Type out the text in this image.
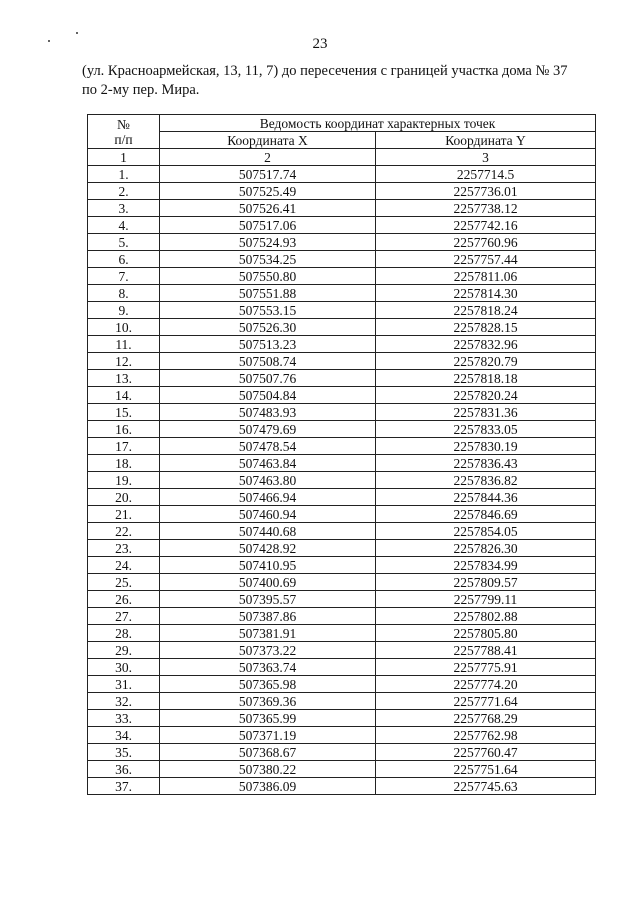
23

(ул. Красноармейская, 13, 11, 7) до пересечения с границей участка дома № 37

по 2-му пер. Мира.

№
п/п	Ведомость координат характерных точек	
	Координата X	Координата Y
1	2	3
1.	507517.74	2257714.5
2.	507525.49	2257736.01
3.	507526.41	2257738.12
4.	507517.06	2257742.16
5.	507524.93	2257760.96
6.	507534.25	2257757.44
7.	507550.80	2257811.06
8.	507551.88	2257814.30
9.	507553.15	2257818.24
10.	507526.30	2257828.15
11.	507513.23	2257832.96
12.	507508.74	2257820.79
13.	507507.76	2257818.18
14.	507504.84	2257820.24
15.	507483.93	2257831.36
16.	507479.69	2257833.05
17.	507478.54	2257830.19
18.	507463.84	2257836.43
19.	507463.80	2257836.82
20.	507466.94	2257844.36
21.	507460.94	2257846.69
22.	507440.68	2257854.05
23.	507428.92	2257826.30
24.	507410.95	2257834.99
25.	507400.69	2257809.57
26.	507395.57	2257799.11
27.	507387.86	2257802.88
28.	507381.91	2257805.80
29.	507373.22	2257788.41
30.	507363.74	2257775.91
31.	507365.98	2257774.20
32.	507369.36	2257771.64
33.	507365.99	2257768.29
34.	507371.19	2257762.98
35.	507368.67	2257760.47
36.	507380.22	2257751.64
37.	507386.09	2257745.63
